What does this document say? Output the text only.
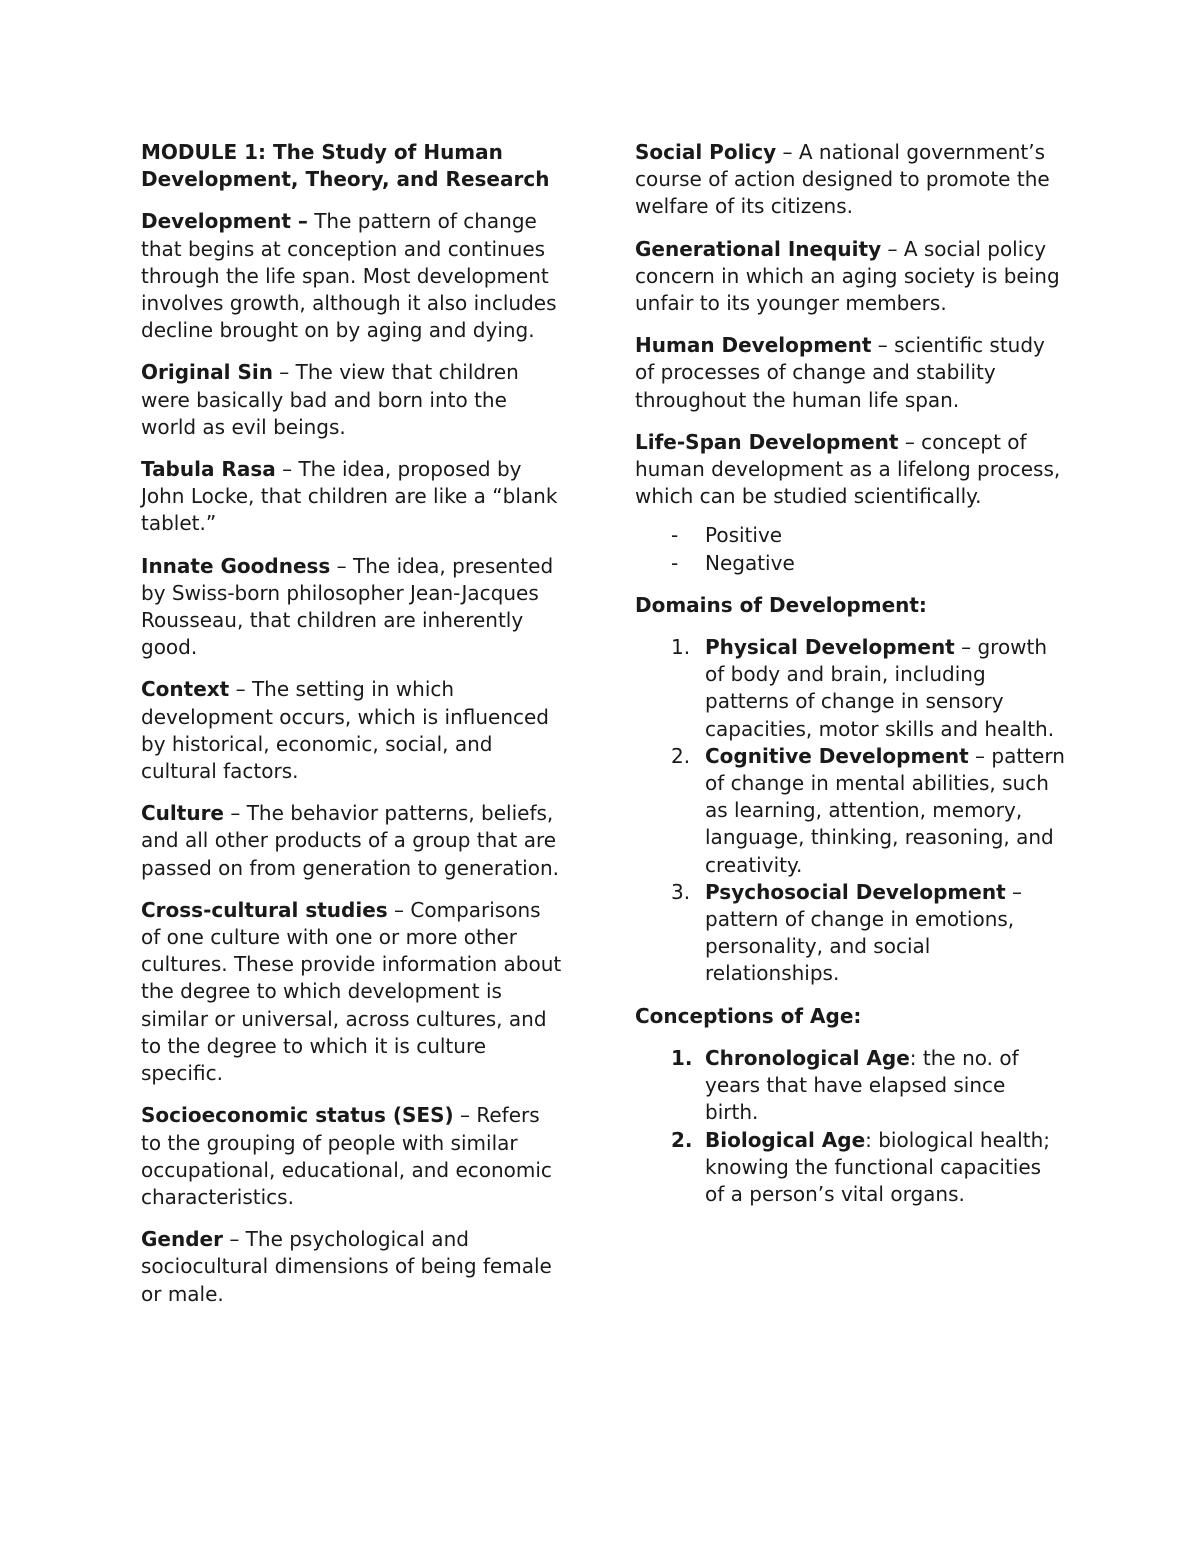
MODULE 1: The Study of Human Development, Theory, and Research

Development – The pattern of change that begins at conception and continues through the life span. Most development involves growth, although it also includes decline brought on by aging and dying.

Original Sin – The view that children were basically bad and born into the world as evil beings.

Tabula Rasa – The idea, proposed by John Locke, that children are like a “blank tablet.”

Innate Goodness – The idea, presented by Swiss-born philosopher Jean-Jacques Rousseau, that children are inherently good.

Context – The setting in which development occurs, which is influenced by historical, economic, social, and cultural factors.

Culture – The behavior patterns, beliefs, and all other products of a group that are passed on from generation to generation.

Cross-cultural studies – Comparisons of one culture with one or more other cultures. These provide information about the degree to which development is similar or universal, across cultures, and to the degree to which it is culture specific.

Socioeconomic status (SES) – Refers to the grouping of people with similar occupational, educational, and economic characteristics.

Gender – The psychological and sociocultural dimensions of being female or male.

Social Policy – A national government’s course of action designed to promote the welfare of its citizens.

Generational Inequity – A social policy concern in which an aging society is being unfair to its younger members.

Human Development – scientific study of processes of change and stability throughout the human life span.

Life-Span Development – concept of human development as a lifelong process, which can be studied scientifically.

- Positive
- Negative

Domains of Development:

1. Physical Development – growth of body and brain, including patterns of change in sensory capacities, motor skills and health.
2. Cognitive Development – pattern of change in mental abilities, such as learning, attention, memory, language, thinking, reasoning, and creativity.
3. Psychosocial Development – pattern of change in emotions, personality, and social relationships.

Conceptions of Age:

1. Chronological Age: the no. of years that have elapsed since birth.
2. Biological Age: biological health; knowing the functional capacities of a person’s vital organs.
